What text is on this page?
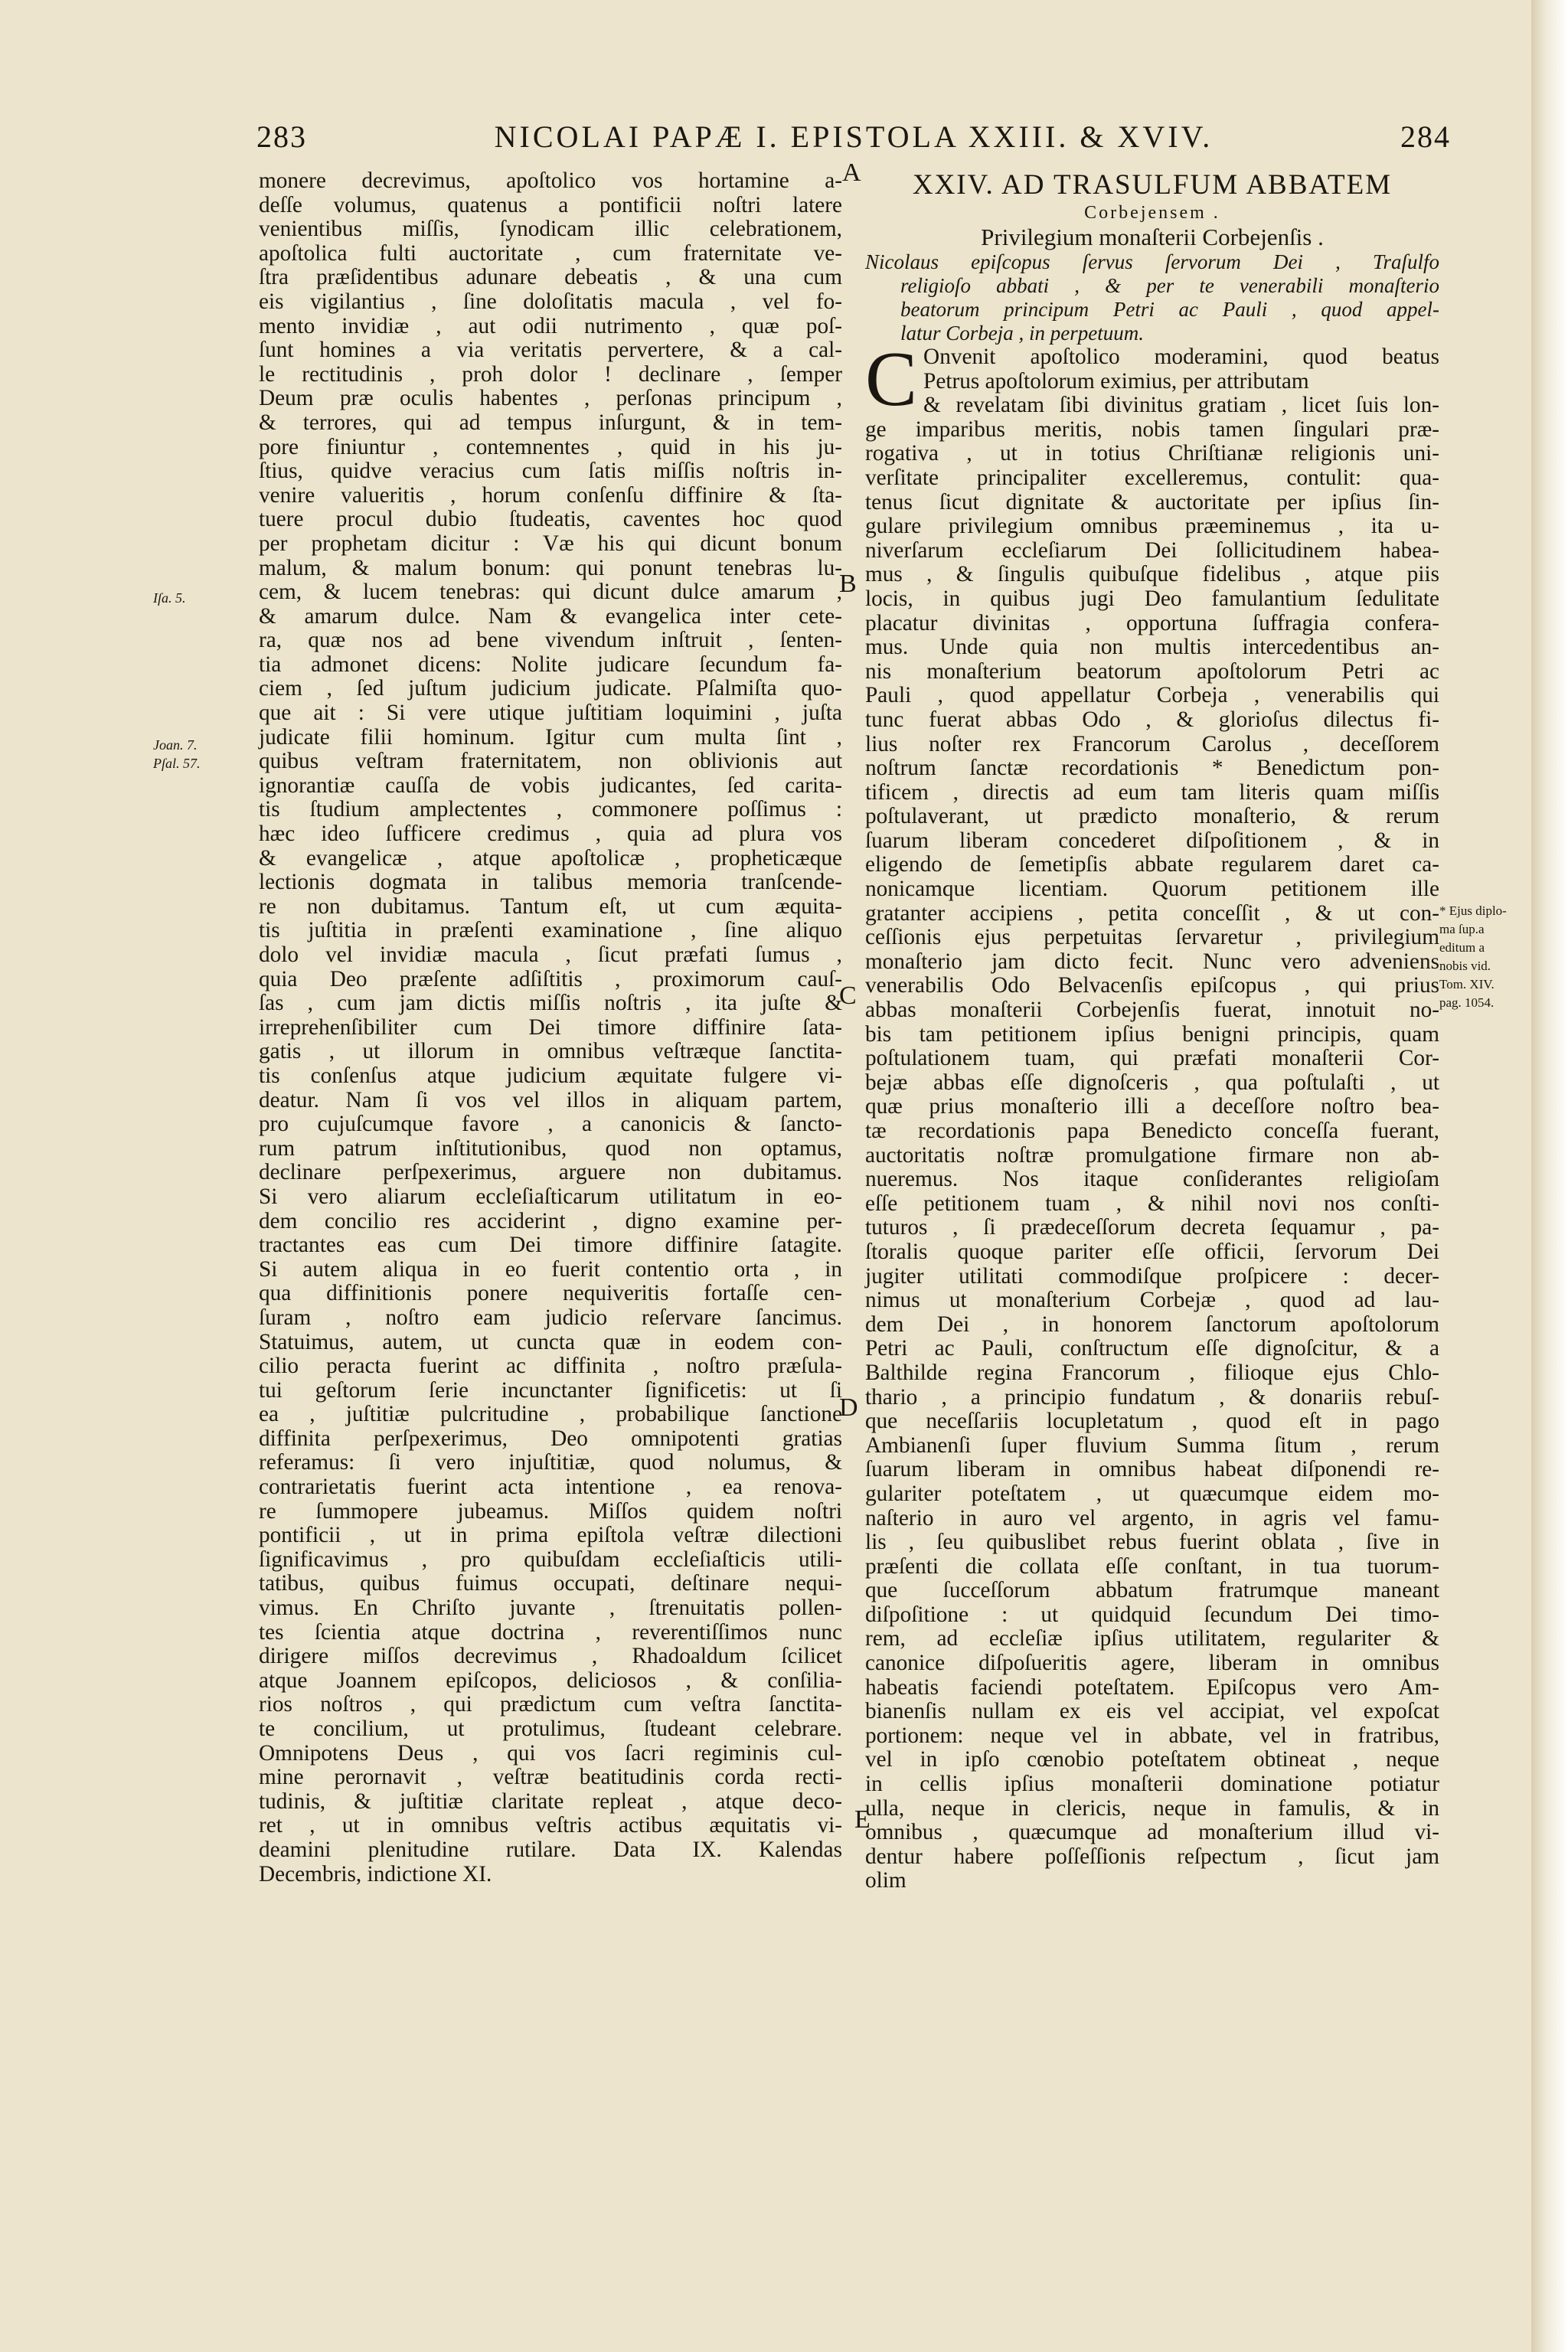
283	NICOLAI PAPÆ I. EPISTOLA XXIII. & XVIV.	284

monere decrevimus, apoſtolico vos hortamine a-
deſſe volumus, quatenus a pontificii noſtri latere
venientibus miſſis, ſynodicam illic celebrationem,
apoſtolica fulti auctoritate , cum fraternitate ve-
ſtra præſidentibus adunare debeatis , & una cum
eis vigilantius , ſine doloſitatis macula , vel fo-
mento invidiæ , aut odii nutrimento , quæ poſ-
ſunt homines a via veritatis pervertere, & a cal-
le rectitudinis , proh dolor ! declinare , ſemper
Deum præ oculis habentes , perſonas principum ,
& terrores, qui ad tempus inſurgunt, & in tem-
pore finiuntur , contemnentes , quid in his ju-
ſtius, quidve veracius cum ſatis miſſis noſtris in-
venire valueritis , horum conſenſu diffinire & ſta-
tuere procul dubio ſtudeatis, caventes hoc quod
per prophetam dicitur : Væ his qui dicunt bonum
malum, & malum bonum: qui ponunt tenebras lu-
cem, & lucem tenebras: qui dicunt dulce amarum ,
& amarum dulce. Nam & evangelica inter cete-
ra, quæ nos ad bene vivendum inſtruit , ſenten-
tia admonet dicens: Nolite judicare ſecundum fa-
ciem , ſed juſtum judicium judicate. Pſalmiſta quo-
que ait : Si vere utique juſtitiam loquimini , juſta
judicate filii hominum. Igitur cum multa ſint ,
quibus veſtram fraternitatem, non oblivionis aut
ignorantiæ cauſſa de vobis judicantes, ſed carita-
tis ſtudium amplectentes , commonere poſſimus :
hæc ideo ſufficere credimus , quia ad plura vos
& evangelicæ , atque apoſtolicæ , propheticæque
lectionis dogmata in talibus memoria tranſcende-
re non dubitamus. Tantum eſt, ut cum æquita-
tis juſtitia in præſenti examinatione , ſine aliquo
dolo vel invidiæ macula , ſicut præfati ſumus ,
quia Deo præſente adſiſtitis , proximorum cauſ-
ſas , cum jam dictis miſſis noſtris , ita juſte &
irreprehenſibiliter cum Dei timore diffinire ſata-
gatis , ut illorum in omnibus veſtræque ſanctita-
tis conſenſus atque judicium æquitate fulgere vi-
deatur. Nam ſi vos vel illos in aliquam partem,
pro cujuſcumque favore , a canonicis & ſancto-
rum patrum inſtitutionibus, quod non optamus,
declinare perſpexerimus, arguere non dubitamus.
Si vero aliarum eccleſiaſticarum utilitatum in eo-
dem concilio res acciderint , digno examine per-
tractantes eas cum Dei timore diffinire ſatagite.
Si autem aliqua in eo fuerit contentio orta , in
qua diffinitionis ponere nequiveritis fortaſſe cen-
ſuram , noſtro eam judicio reſervare ſancimus.
Statuimus, autem, ut cuncta quæ in eodem con-
cilio peracta fuerint ac diffinita , noſtro præſula-
tui geſtorum ſerie incunctanter ſignificetis: ut ſi
ea , juſtitiæ pulcritudine , probabilique ſanctione
diffinita perſpexerimus, Deo omnipotenti gratias
referamus: ſi vero injuſtitiæ, quod nolumus, &
contrarietatis fuerint acta intentione , ea renova-
re ſummopere jubeamus. Miſſos quidem noſtri
pontificii , ut in prima epiſtola veſtræ dilectioni
ſignificavimus , pro quibuſdam eccleſiaſticis utili-
tatibus, quibus fuimus occupati, deſtinare nequi-
vimus. En Chriſto juvante , ſtrenuitatis pollen-
tes ſcientia atque doctrina , reverentiſſimos nunc
dirigere miſſos decrevimus , Rhadoaldum ſcilicet
atque Joannem epiſcopos, deliciosos , & conſilia-
rios noſtros , qui prædictum cum veſtra ſanctita-
te concilium, ut protulimus, ſtudeant celebrare.
Omnipotens Deus , qui vos ſacri regiminis cul-
mine perornavit , veſtræ beatitudinis corda recti-
tudinis, & juſtitiæ claritate repleat , atque deco-
ret , ut in omnibus veſtris actibus æquitatis vi-
deamini plenitudine rutilare. Data IX. Kalendas
Decembris, indictione XI.

XXIV. AD TRASULFUM ABBATEM

Corbejensem .

Privilegium monaſterii Corbejenſis .

Nicolaus epiſcopus ſervus ſervorum Dei , Traſulfo
religioſo abbati , & per te venerabili monaſterio
beatorum principum Petri ac Pauli , quod appel-
latur Corbeja , in perpetuum.

C Onvenit apoſtolico moderamini, quod beatus
Petrus apoſtolorum eximius, per attributam

& revelatam ſibi divinitus gratiam , licet ſuis lon-
ge imparibus meritis, nobis tamen ſingulari præ-
rogativa , ut in totius Chriſtianæ religionis uni-
verſitate principaliter excelleremus, contulit: qua-
tenus ſicut dignitate & auctoritate per ipſius ſin-
gulare privilegium omnibus præeminemus , ita u-
niverſarum eccleſiarum Dei ſollicitudinem habea-
mus , & ſingulis quibuſque fidelibus , atque piis
locis, in quibus jugi Deo famulantium ſedulitate
placatur divinitas , opportuna ſuffragia confera-
mus. Unde quia non multis intercedentibus an-
nis monaſterium beatorum apoſtolorum Petri ac
Pauli , quod appellatur Corbeja , venerabilis qui
tunc fuerat abbas Odo , & glorioſus dilectus fi-
lius noſter rex Francorum Carolus , deceſſorem
noſtrum ſanctæ recordationis * Benedictum pon-
tificem , directis ad eum tam literis quam miſſis
poſtulaverant, ut prædicto monaſterio, & rerum
ſuarum liberam concederet diſpoſitionem , & in
eligendo de ſemetipſis abbate regularem daret ca-
nonicamque licentiam. Quorum petitionem ille
gratanter accipiens , petita conceſſit , & ut con-
ceſſionis ejus perpetuitas ſervaretur , privilegium
monaſterio jam dicto fecit. Nunc vero adveniens
venerabilis Odo Belvacenſis epiſcopus , qui prius
abbas monaſterii Corbejenſis fuerat, innotuit no-
bis tam petitionem ipſius benigni principis, quam
poſtulationem tuam, qui præfati monaſterii Cor-
bejæ abbas eſſe dignoſceris , qua poſtulaſti , ut
quæ prius monaſterio illi a deceſſore noſtro bea-
tæ recordationis papa Benedicto conceſſa fuerant,
auctoritatis noſtræ promulgatione firmare non ab-
nueremus. Nos itaque conſiderantes religioſam
eſſe petitionem tuam , & nihil novi nos conſti-
tuturos , ſi prædeceſſorum decreta ſequamur , pa-
ſtoralis quoque pariter eſſe officii, ſervorum Dei
jugiter utilitati commodiſque proſpicere : decer-
nimus ut monaſterium Corbejæ , quod ad lau-
dem Dei , in honorem ſanctorum apoſtolorum
Petri ac Pauli, conſtructum eſſe dignoſcitur, & a
Balthilde regina Francorum , filioque ejus Chlo-
thario , a principio fundatum , & donariis rebuſ-
que neceſſariis locupletatum , quod eſt in pago
Ambianenſi ſuper fluvium Summa ſitum , rerum
ſuarum liberam in omnibus habeat diſponendi re-
gulariter poteſtatem , ut quæcumque eidem mo-
naſterio in auro vel argento, in agris vel famu-
lis , ſeu quibuslibet rebus fuerint oblata , ſive in
præſenti die collata eſſe conſtant, in tua tuorum-
que ſucceſſorum abbatum fratrumque maneant
diſpoſitione : ut quidquid ſecundum Dei timo-
rem, ad eccleſiæ ipſius utilitatem, regulariter &
canonice diſpoſueritis agere, liberam in omnibus
habeatis faciendi poteſtatem. Epiſcopus vero Am-
bianenſis nullam ex eis vel accipiat, vel expoſcat
portionem: neque vel in abbate, vel in fratribus,
vel in ipſo cœnobio poteſtatem obtineat , neque
in cellis ipſius monaſterii dominatione potiatur
ulla, neque in clericis, neque in famulis, & in
omnibus , quæcumque ad monaſterium illud vi-
dentur habere poſſeſſionis reſpectum , ſicut jam
olim

A
B
C
D
E
Iſa. 5.
Joan. 7.
Pſal. 57.
* Ejus diplo-
ma ſup.a
editum a
nobis vid.
Tom. XIV.
pag. 1054.
